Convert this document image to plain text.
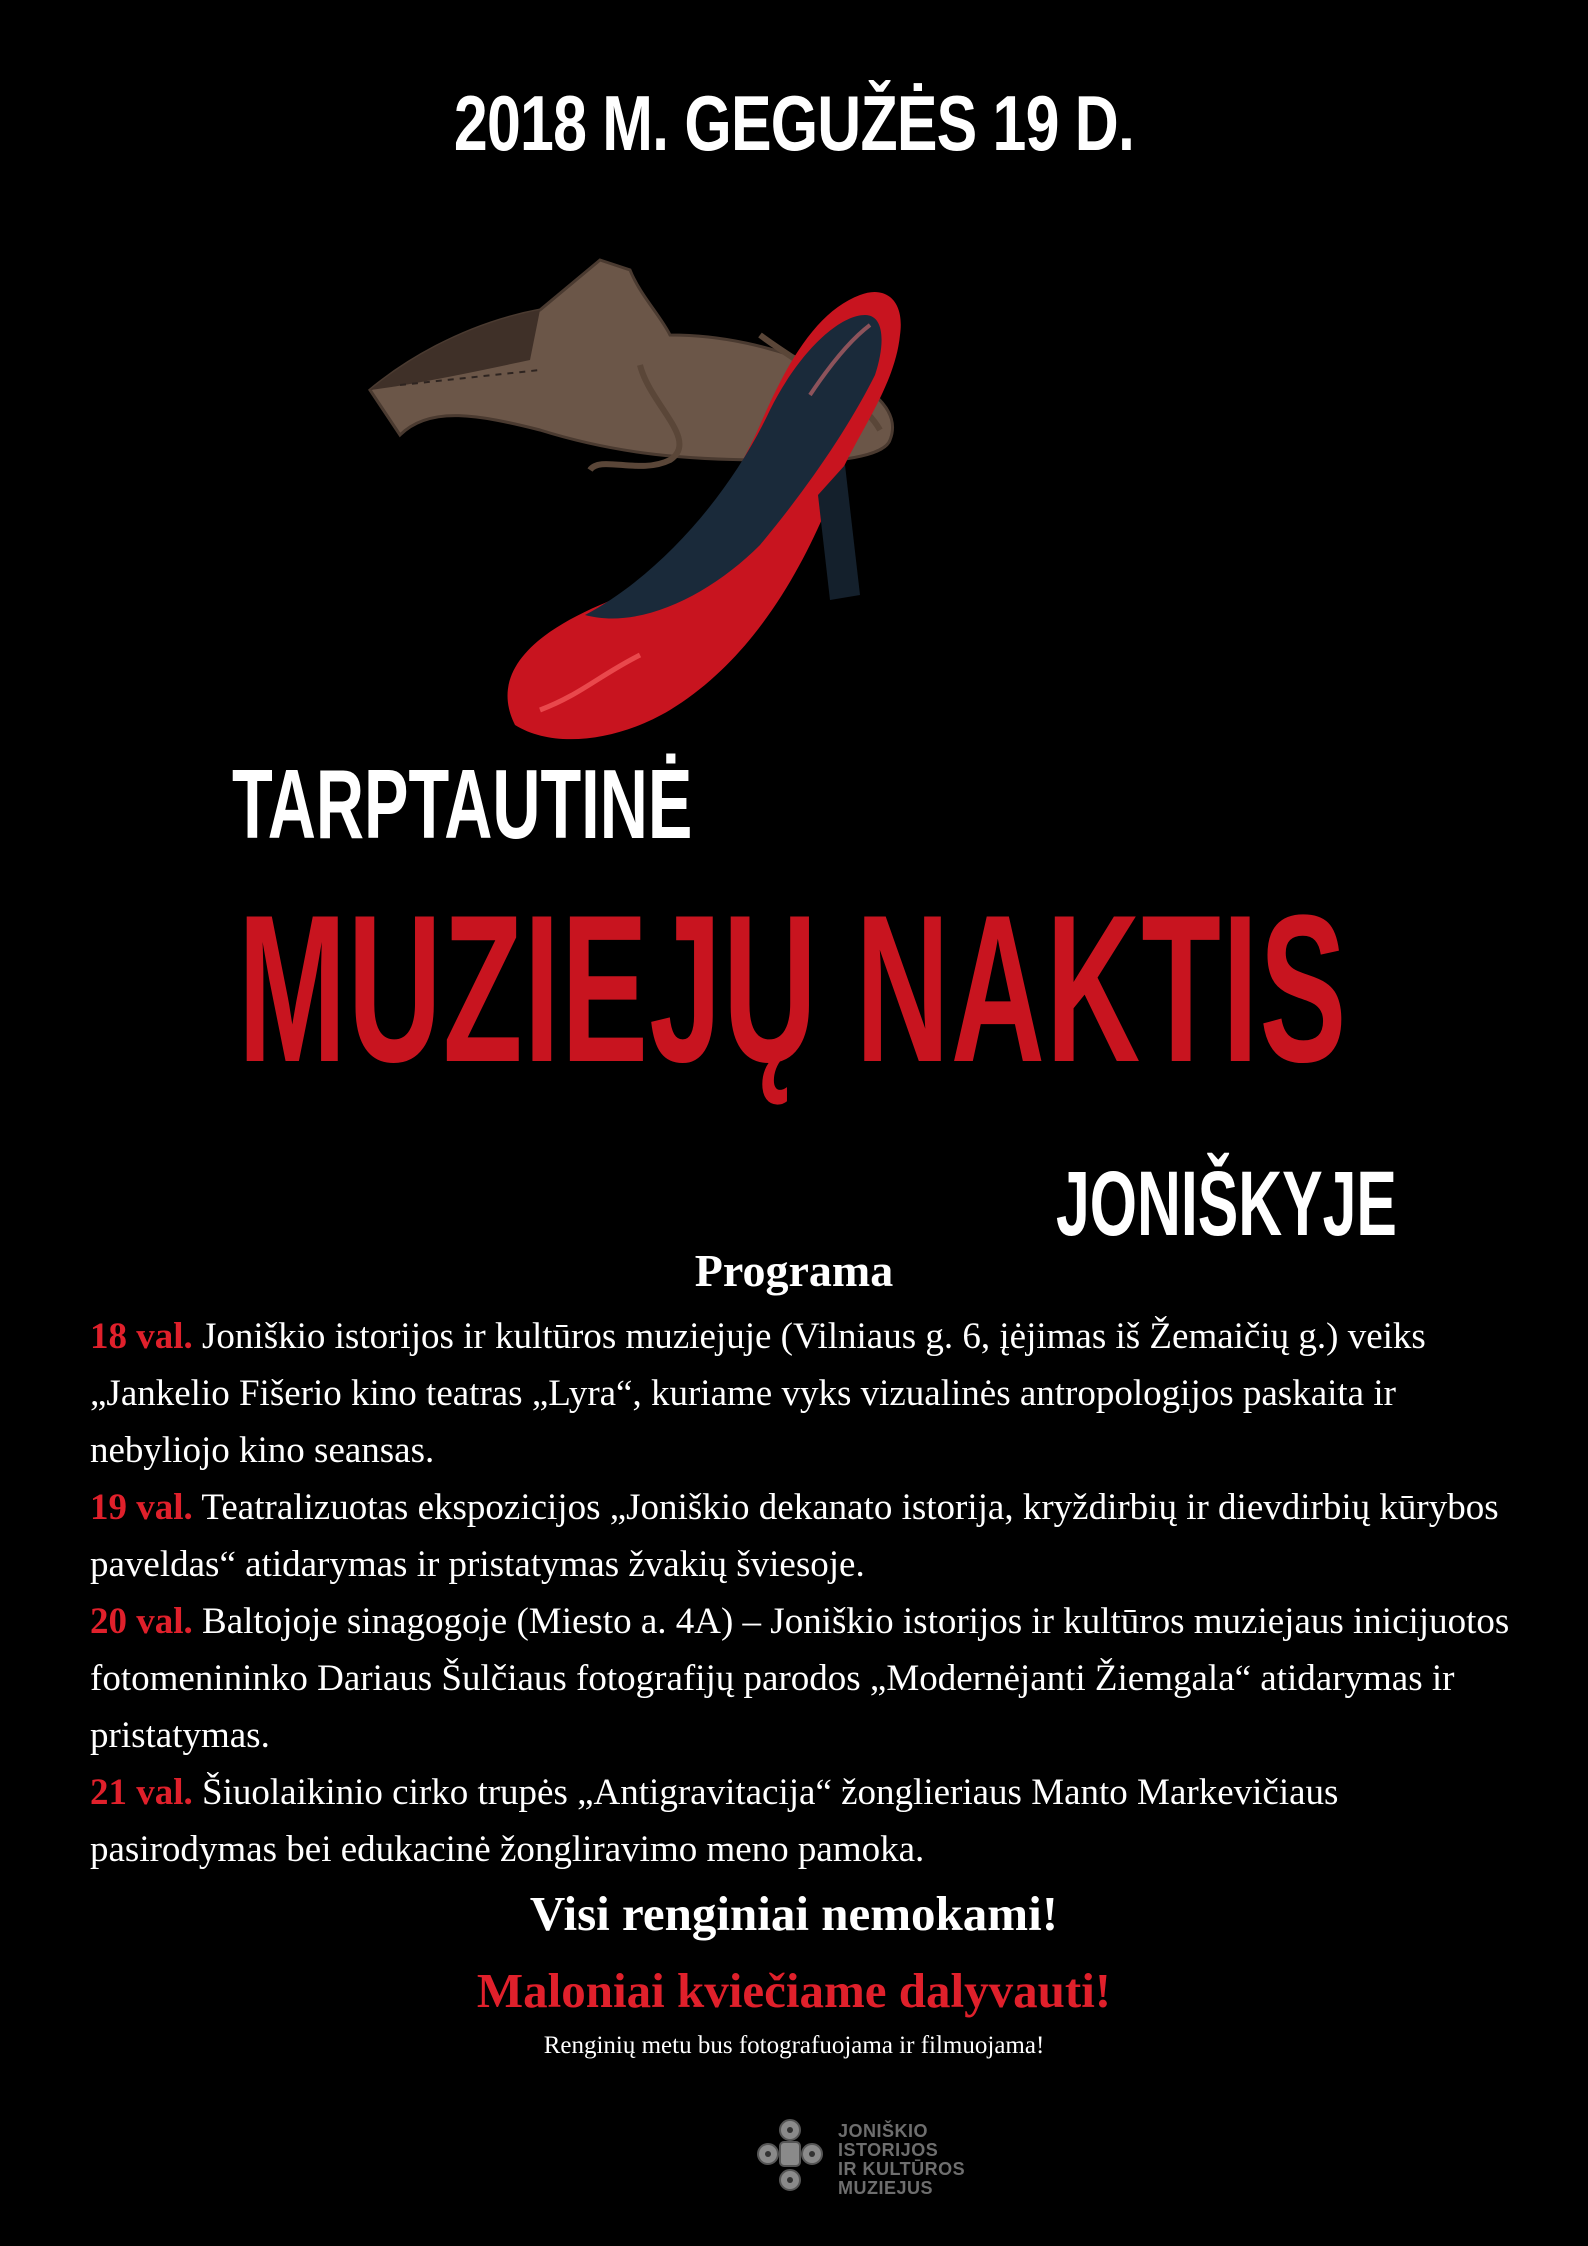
2018 M. GEGUŽĖS 19 D.
TARPTAUTINĖ
MUZIEJŲ NAKTIS
JONIŠKYJE
Programa
18 val. Joniškio istorijos ir kultūros muziejuje (Vilniaus g. 6, įėjimas iš Žemaičių g.) veiks „Jankelio Fišerio kino teatras „Lyra“, kuriame vyks vizualinės antropologijos paskaita ir nebyliojo kino seansas.
19 val. Teatralizuotas ekspozicijos „Joniškio dekanato istorija, kryždirbių ir dievdirbių kūrybos paveldas“ atidarymas ir pristatymas žvakių šviesoje.
20 val. Baltojoje sinagogoje (Miesto a. 4A) – Joniškio istorijos ir kultūros muziejaus inicijuotos fotomenininko Dariaus Šulčiaus fotografijų parodos „Modernėjanti Žiemgala“ atidarymas ir pristatymas.
21 val. Šiuolaikinio cirko trupės „Antigravitacija“ žonglieriaus Manto Markevičiaus pasirodymas bei edukacinė žongliravimo meno pamoka.
Visi renginiai nemokami!
Maloniai kviečiame dalyvauti!
Renginių metu bus fotografuojama ir filmuojama!
JONIŠKIO
ISTORIJOS
IR KULTŪROS
MUZIEJUS
